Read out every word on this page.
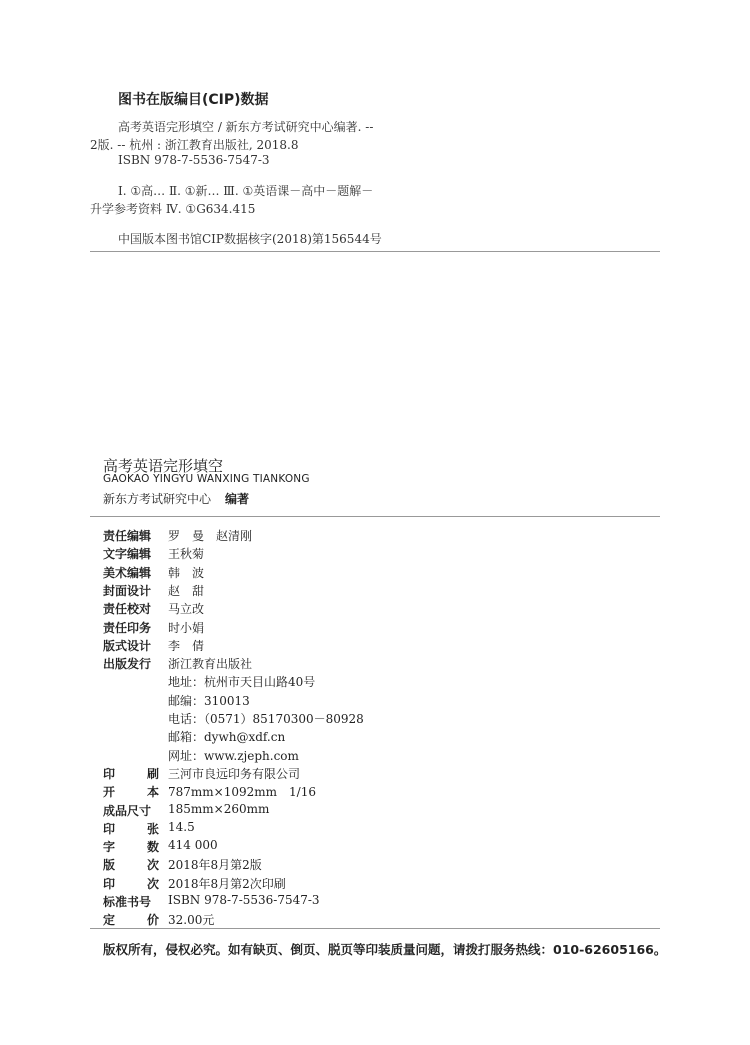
图书在版编目(CIP)数据
高考英语完形填空 / 新东方考试研究中心编著. --
2版. -- 杭州 : 浙江教育出版社, 2018.8
ISBN 978-7-5536-7547-3
Ⅰ. ①高… Ⅱ. ①新… Ⅲ. ①英语课－高中－题解－
升学参考资料 Ⅳ. ①G634.415
中国版本图书馆CIP数据核字(2018)第156544号
高考英语完形填空
GAOKAO YINGYU WANXING TIANKONG
新东方考试研究中心 编著
责任编辑	罗　曼　赵清刚
文字编辑	王秋菊
美术编辑	韩　波
封面设计	赵　甜
责任校对	马立改
责任印务	时小娟
版式设计	李　倩
出版发行	浙江教育出版社
地址：杭州市天目山路40号
邮编：310013
电话：（0571）85170300－80928
邮箱：dywh@xdf.cn
网址：www.zjeph.com
印	刷 三河市良远印务有限公司
开	本 787mm×1092mm　1/16
成品尺寸	185mm×260mm
印	张 14.5
字	数 414 000
版	次 2018年8月第2版
印	次 2018年8月第2次印刷
标准书号	ISBN 978-7-5536-7547-3
定	价 32.00元
版权所有，侵权必究。如有缺页、倒页、脱页等印装质量问题，请拨打服务热线：010-62605166。
